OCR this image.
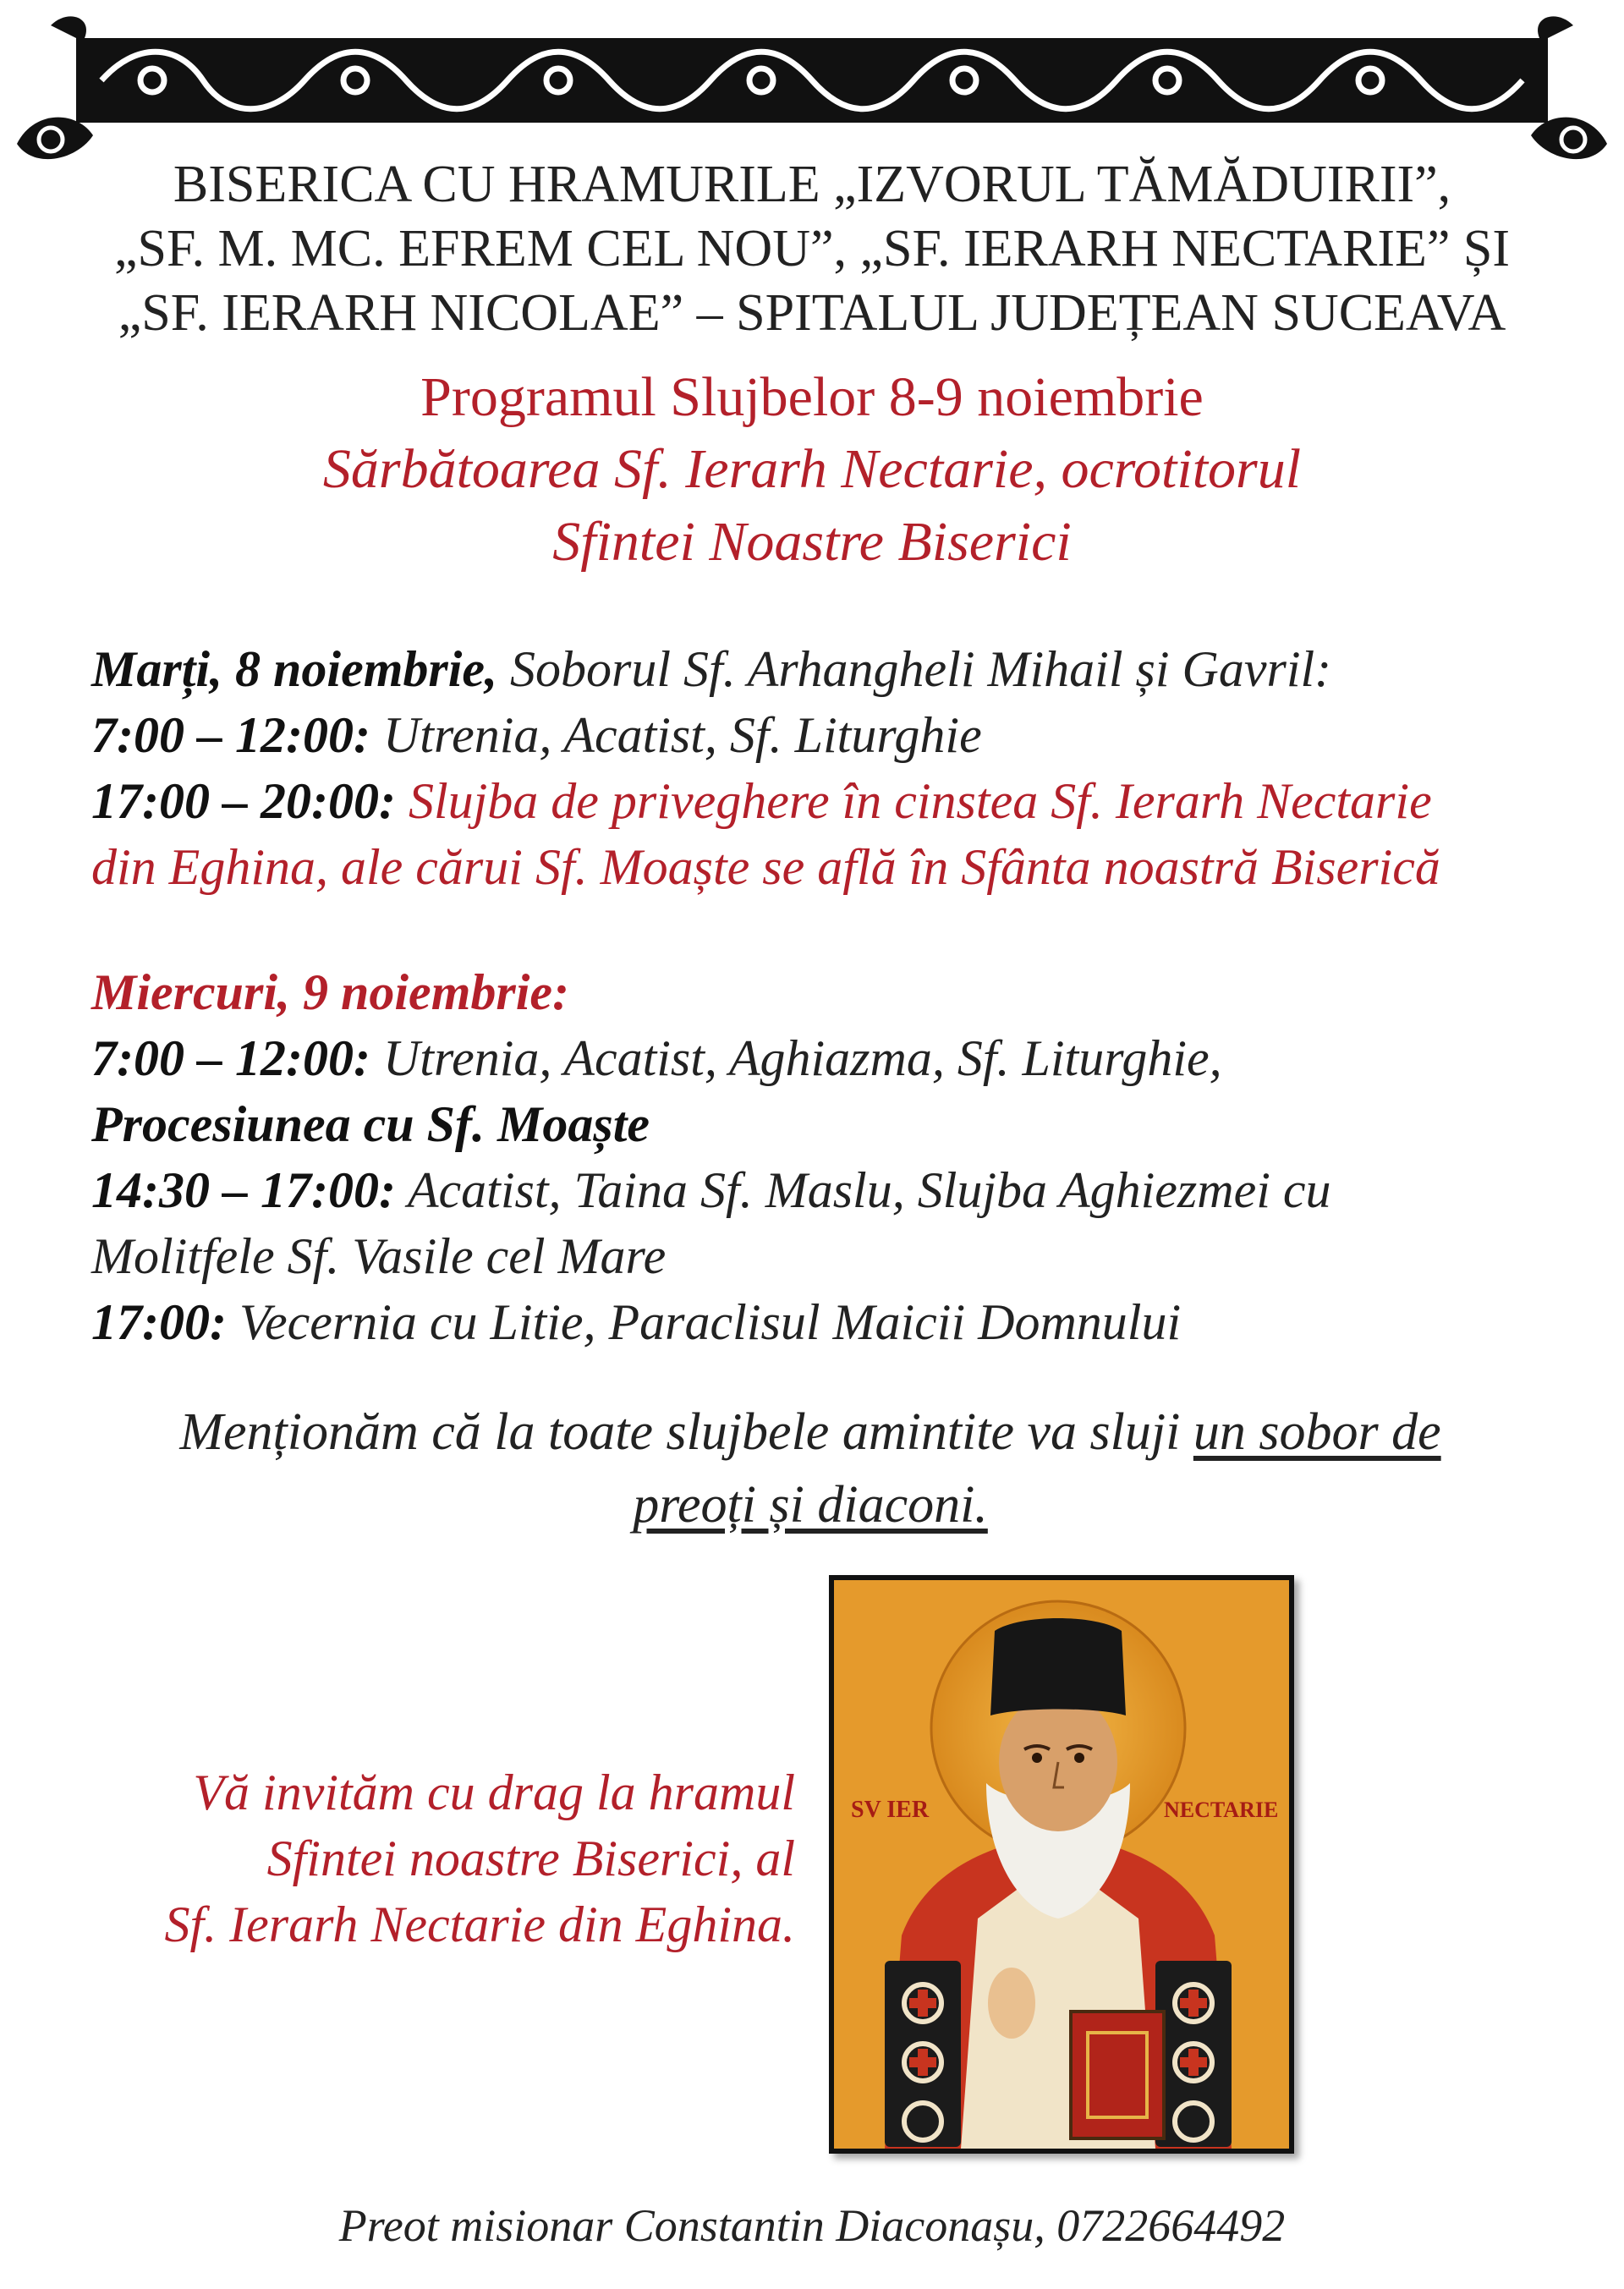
BISERICA CU HRAMURILE „IZVORUL TĂMĂDUIRII”,
„SF. M. MC. EFREM CEL NOU”, „SF. IERARH NECTARIE” ȘI
„SF. IERARH NICOLAE” – SPITALUL JUDEȚEAN SUCEAVA
Programul Slujbelor 8-9 noiembrie
Sărbătoarea Sf. Ierarh Nectarie, ocrotitorul
Sfintei Noastre Biserici
Marți, 8 noiembrie, Soborul Sf. Arhangheli Mihail și Gavril:
7:00 – 12:00: Utrenia, Acatist, Sf. Liturghie
17:00 – 20:00: Slujba de priveghere în cinstea Sf. Ierarh Nectarie
din Eghina, ale cărui Sf. Moaște se află în Sfânta noastră Biserică
Miercuri, 9 noiembrie:
7:00 – 12:00: Utrenia, Acatist, Aghiazma, Sf. Liturghie,
Procesiunea cu Sf. Moaște
14:30 – 17:00: Acatist, Taina Sf. Maslu, Slujba Aghiezmei cu
Molitfele Sf. Vasile cel Mare
17:00: Vecernia cu Litie, Paraclisul Maicii Domnului
Menționăm că la toate slujbele amintite va sluji un sobor de
preoți și diaconi.
Vă invităm cu drag la hramul
Sfintei noastre Biserici, al
Sf. Ierarh Nectarie din Eghina.
SV IER	NECTARIE
Preot misionar Constantin Diaconașu, 0722664492
